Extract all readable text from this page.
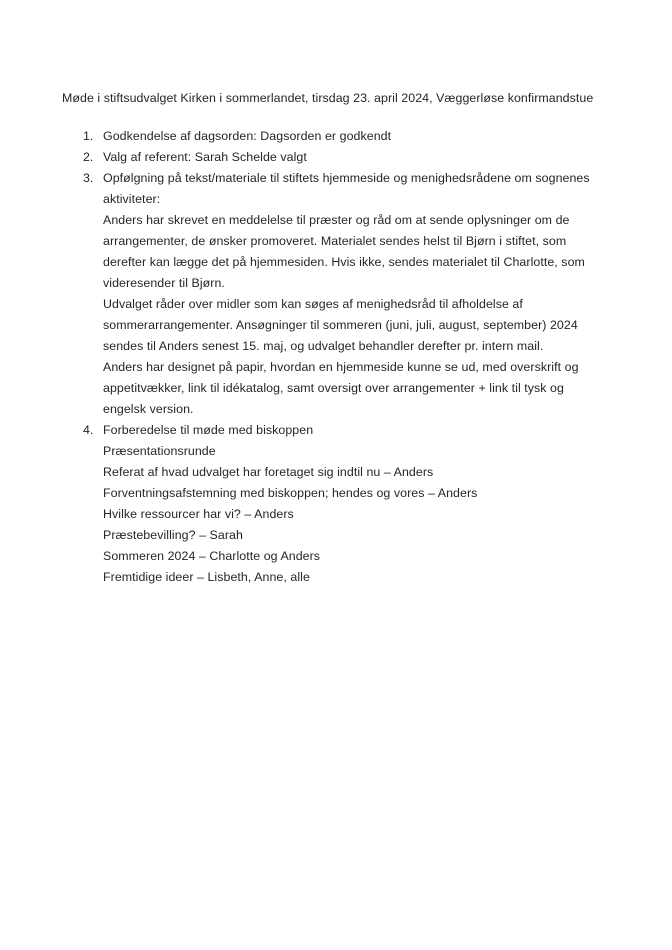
Møde i stiftsudvalget Kirken i sommerlandet, tirsdag 23. april 2024, Væggerløse konfirmandstue

1. Godkendelse af dagsorden: Dagsorden er godkendt

2. Valg af referent: Sarah Schelde valgt

3. Opfølgning på tekst/materiale til stiftets hjemmeside og menighedsrådene om sognenes aktiviteter:

Anders har skrevet en meddelelse til præster og råd om at sende oplysninger om de arrangementer, de ønsker promoveret. Materialet sendes helst til Bjørn i stiftet, som derefter kan lægge det på hjemmesiden. Hvis ikke, sendes materialet til Charlotte, som videresender til Bjørn.

Udvalget råder over midler som kan søges af menighedsråd til afholdelse af sommerarrangementer. Ansøgninger til sommeren (juni, juli, august, september) 2024 sendes til Anders senest 15. maj, og udvalget behandler derefter pr. intern mail.

Anders har designet på papir, hvordan en hjemmeside kunne se ud, med overskrift og appetitvækker, link til idékatalog, samt oversigt over arrangementer + link til tysk og engelsk version.

4. Forberedelse til møde med biskoppen

Præsentationsrunde
Referat af hvad udvalget har foretaget sig indtil nu – Anders
Forventningsafstemning med biskoppen; hendes og vores – Anders
Hvilke ressourcer har vi? – Anders
Præstebevilling? – Sarah
Sommeren 2024 – Charlotte og Anders
Fremtidige ideer – Lisbeth, Anne, alle
